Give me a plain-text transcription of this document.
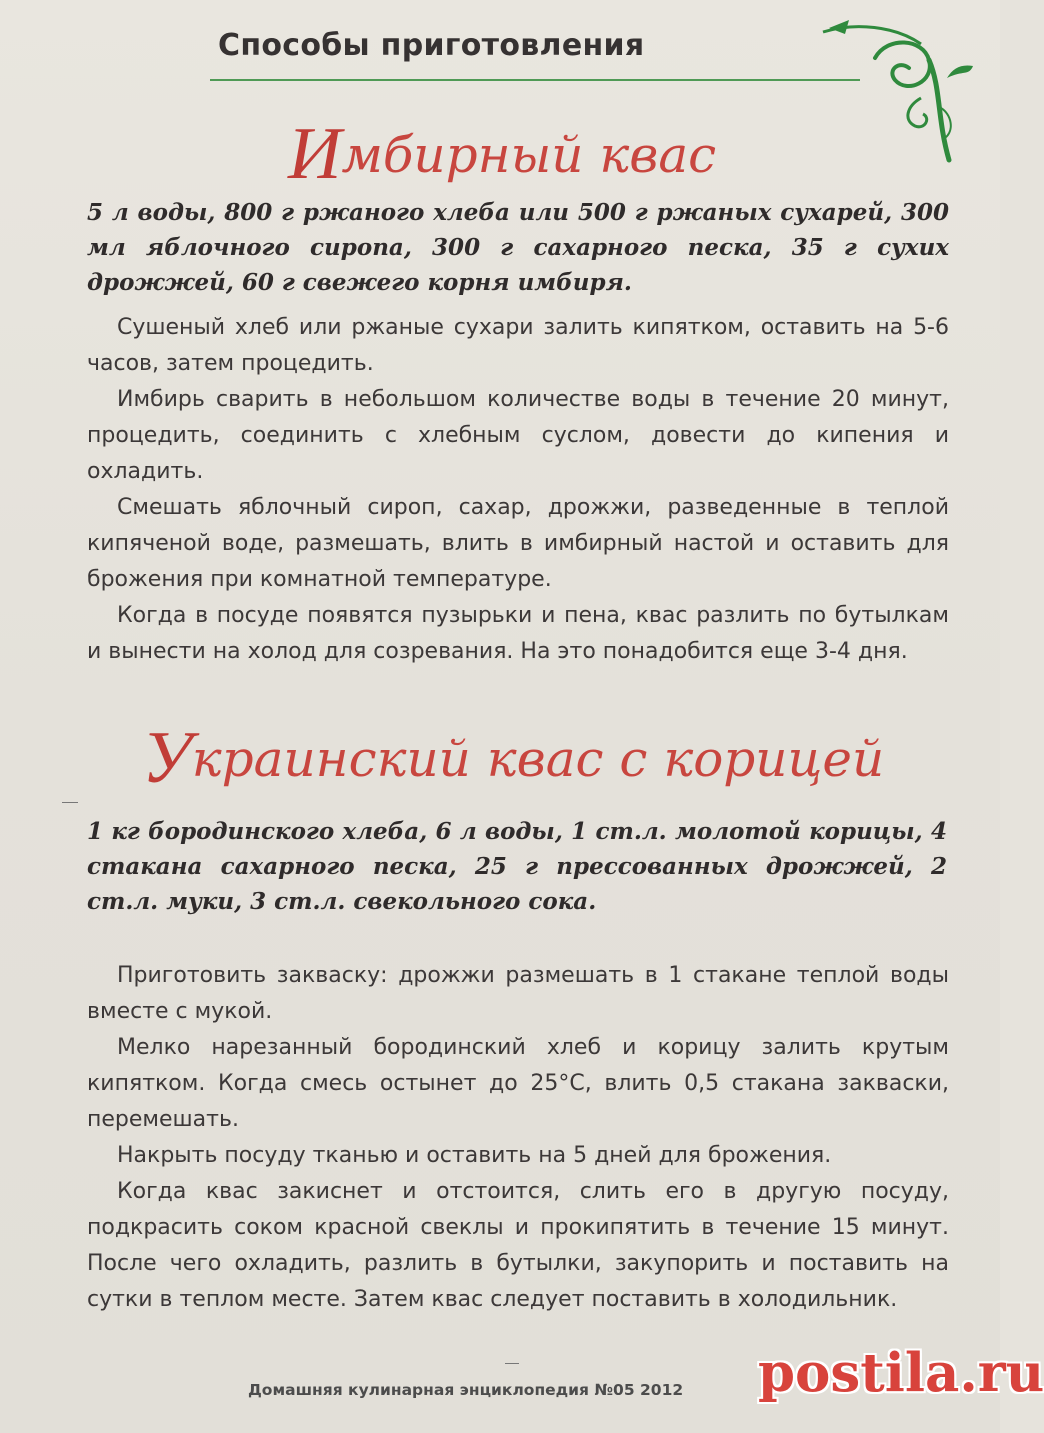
Способы приготовления
Имбирный квас

5 л воды, 800 г ржаного хлеба или 500 г ржаных сухарей, 300 мл яблочного сиропа, 300 г сахарного песка, 35 г сухих дрожжей, 60 г свежего корня имбиря.

Сушеный хлеб или ржаные сухари залить кипятком, оставить на 5-6 часов, затем процедить.

Имбирь сварить в небольшом количестве воды в течение 20 минут, процедить, соединить с хлебным суслом, довести до кипения и охладить.

Смешать яблочный сироп, сахар, дрожжи, разведенные в теплой кипяченой воде, размешать, влить в имбирный настой и оставить для брожения при комнатной температуре.

Когда в посуде появятся пузырьки и пена, квас разлить по бутылкам и вынести на холод для созревания. На это понадобится еще 3-4 дня.

Украинский квас с корицей

1 кг бородинского хлеба, 6 л воды, 1 ст.л. молотой корицы, 4 стакана сахарного песка, 25 г прессованных дрожжей, 2 ст.л. муки, 3 ст.л. свекольного сока.

Приготовить закваску: дрожжи размешать в 1 стакане теплой воды вместе с мукой.

Мелко нарезанный бородинский хлеб и корицу залить крутым кипятком. Когда смесь остынет до 25°С, влить 0,5 стакана закваски, перемешать.

Накрыть посуду тканью и оставить на 5 дней для брожения.

Когда квас закиснет и отстоится, слить его в другую посуду, подкрасить соком красной свеклы и прокипятить в течение 15 минут. После чего охладить, разлить в бутылки, закупорить и поставить на сутки в теплом месте. Затем квас следует поставить в холодильник.

Домашняя кулинарная энциклопедия №05 2012 postila.ru
